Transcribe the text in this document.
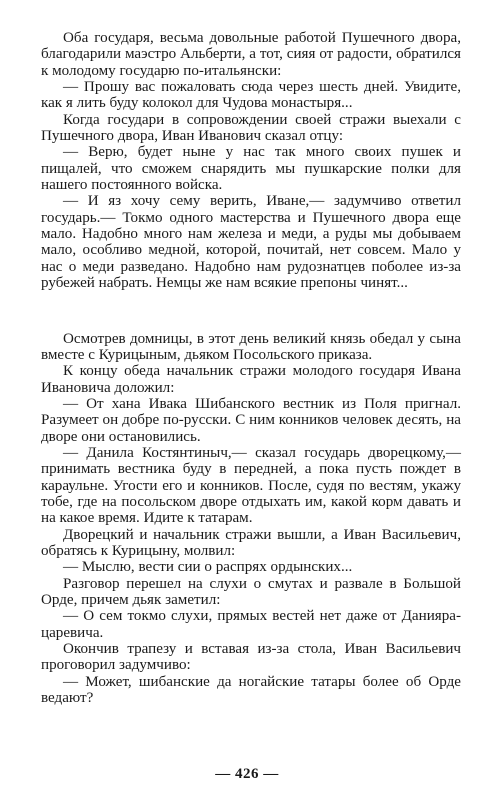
Оба государя, весьма довольные работой Пушечного двора, благодарили маэстро Альберти, а тот, сияя от радости, обратился к молодому государю по-итальянски:

— Прошу вас пожаловать сюда через шесть дней. Увидите, как я лить буду колокол для Чудова монастыря...

Когда государи в сопровождении своей стражи выехали с Пушечного двора, Иван Иванович сказал отцу:

— Верю, будет ныне у нас так много своих пушек и пищалей, что сможем снарядить мы пушкарские полки для нашего постоянного войска.

— И яз хочу сему верить, Иване,— задумчиво ответил государь.— Токмо одного мастерства и Пушечного двора еще мало. Надобно много нам железа и меди, а руды мы добываем мало, особливо медной, которой, почитай, нет совсем. Мало у нас о меди разведано. Надобно нам рудознатцев поболее из-за рубежей набрать. Немцы же нам всякие препоны чинят...

Осмотрев домницы, в этот день великий князь обедал у сына вместе с Курицыным, дьяком Посольского приказа.

К концу обеда начальник стражи молодого государя Ивана Ивановича доложил:

— От хана Ивака Шибанского вестник из Поля пригнал. Разумеет он добре по-русски. С ним конников человек десять, на дворе они остановились.

— Данила Костянтиныч,— сказал государь дворецкому,— принимать вестника буду в передней, а пока пусть пождет в караульне. Угости его и конников. После, судя по вестям, укажу тобе, где на посольском дворе отдыхать им, какой корм давать и на какое время. Идите к татарам.

Дворецкий и начальник стражи вышли, а Иван Васильевич, обратясь к Курицыну, молвил:

— Мыслю, вести сии о распрях ордынских...

Разговор перешел на слухи о смутах и развале в Большой Орде, причем дьяк заметил:

— О сем токмо слухи, прямых вестей нет даже от Данияра-царевича.

Окончив трапезу и вставая из-за стола, Иван Васильевич проговорил задумчиво:

— Может, шибанские да ногайские татары более об Орде ведают?

— 426 —
